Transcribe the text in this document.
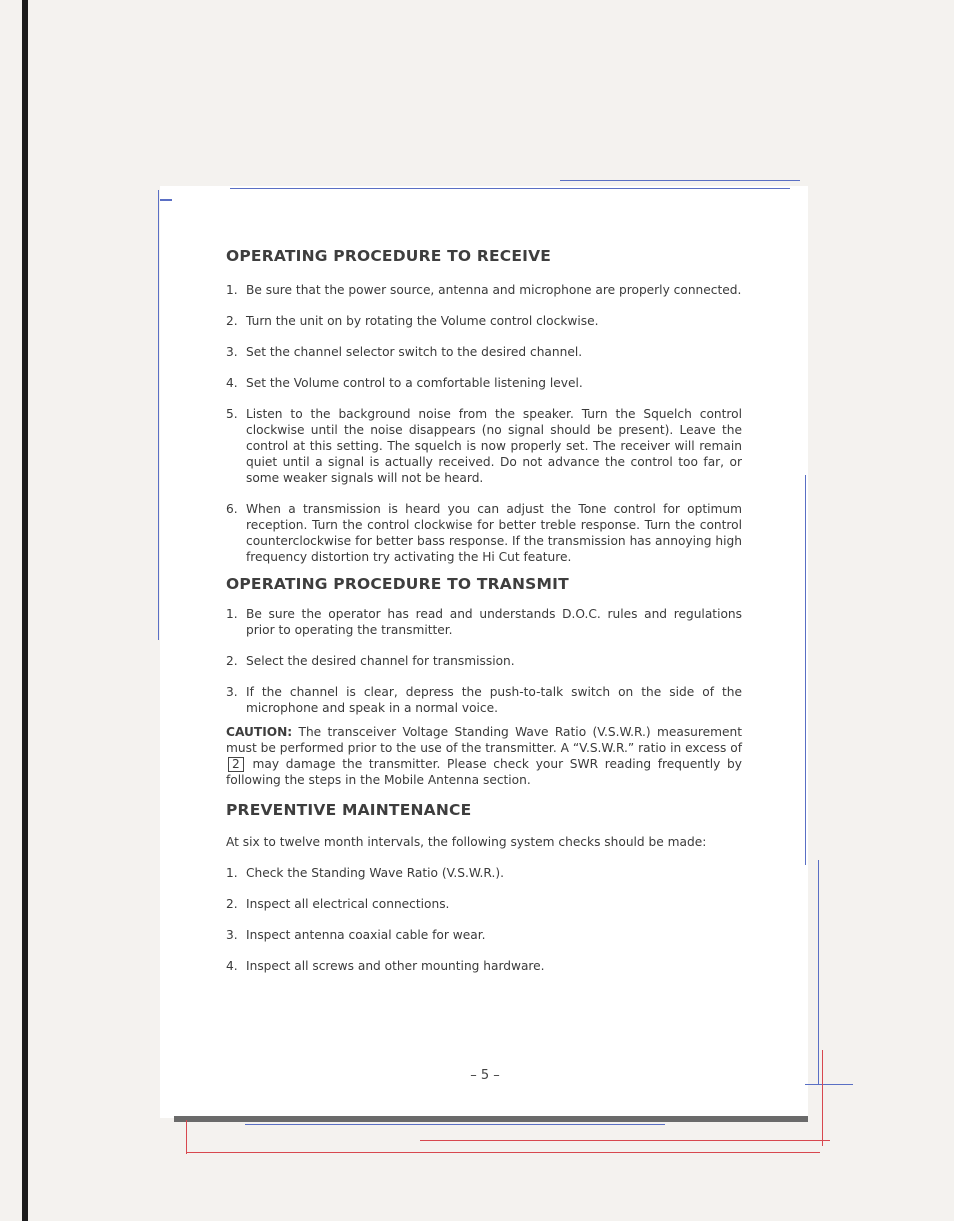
OPERATING PROCEDURE TO RECEIVE
1. Be sure that the power source, antenna and microphone are properly connected.
2. Turn the unit on by rotating the Volume control clockwise.
3. Set the channel selector switch to the desired channel.
4. Set the Volume control to a comfortable listening level.
5. Listen to the background noise from the speaker. Turn the Squelch control clockwise until the noise disappears (no signal should be present). Leave the control at this setting. The squelch is now properly set. The receiver will remain quiet until a signal is actually received. Do not advance the control too far, or some weaker signals will not be heard.
6. When a transmission is heard you can adjust the Tone control for optimum reception. Turn the control clockwise for better treble response. Turn the control counterclockwise for better bass response. If the transmission has annoying high frequency distortion try activating the Hi Cut feature.
OPERATING PROCEDURE TO TRANSMIT
1. Be sure the operator has read and understands D.O.C. rules and regulations prior to operating the transmitter.
2. Select the desired channel for transmission.
3. If the channel is clear, depress the push-to-talk switch on the side of the microphone and speak in a normal voice.

CAUTION: The transceiver Voltage Standing Wave Ratio (V.S.W.R.) measurement must be performed prior to the use of the transmitter. A “V.S.W.R.” ratio in excess of 2 may damage the transmitter. Please check your SWR reading frequently by following the steps in the Mobile Antenna section.

PREVENTIVE MAINTENANCE

At six to twelve month intervals, the following system checks should be made:

1. Check the Standing Wave Ratio (V.S.W.R.).
2. Inspect all electrical connections.
3. Inspect antenna coaxial cable for wear.
4. Inspect all screws and other mounting hardware.
– 5 –
